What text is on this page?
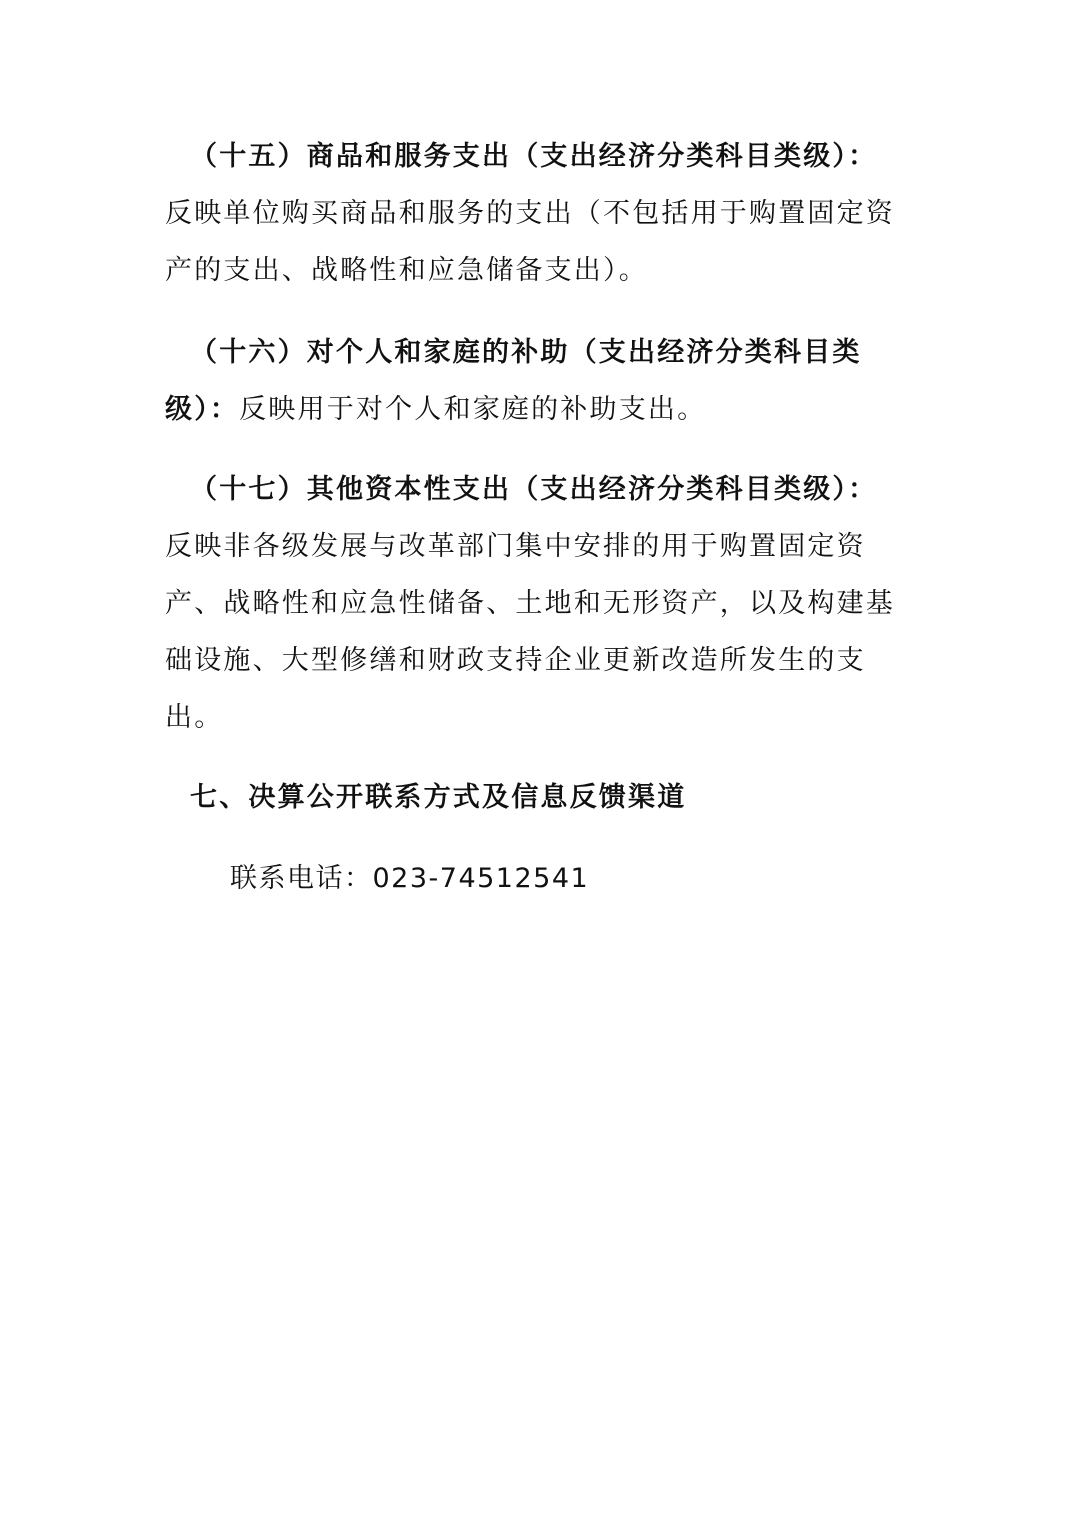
（十五）商品和服务支出（支出经济分类科目类级）：
反映单位购买商品和服务的支出（不包括用于购置固定资
产的支出、战略性和应急储备支出）。
（十六）对个人和家庭的补助（支出经济分类科目类
级）：反映用于对个人和家庭的补助支出。
（十七）其他资本性支出（支出经济分类科目类级）：
反映非各级发展与改革部门集中安排的用于购置固定资
产、战略性和应急性储备、土地和无形资产，以及构建基
础设施、大型修缮和财政支持企业更新改造所发生的支
出。
七、决算公开联系方式及信息反馈渠道
联系电话：023-74512541
